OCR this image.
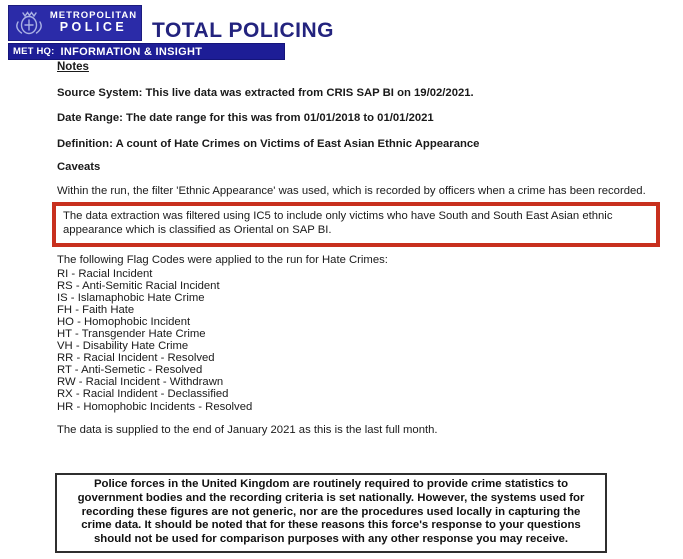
METROPOLITAN
POLICE	TOTAL POLICING
MET HQ: INFORMATION & INSIGHT
Notes
Source System: This live data was extracted from CRIS SAP BI on 19/02/2021.
Date Range: The date range for this was from 01/01/2018 to 01/01/2021
Definition: A count of Hate Crimes on Victims of East Asian Ethnic Appearance
Caveats
Within the run, the filter 'Ethnic Appearance' was used, which is recorded by officers when a crime has been recorded.
The data extraction was filtered using IC5 to include only victims who have South and South East Asian ethnic appearance which is classified as Oriental on SAP BI.
The following Flag Codes were applied to the run for Hate Crimes:
RI - Racial Incident
RS - Anti-Semitic Racial Incident
IS - Islamaphobic Hate Crime
FH - Faith Hate
HO - Homophobic Incident
HT - Transgender Hate Crime
VH - Disability Hate Crime
RR - Racial Incident - Resolved
RT - Anti-Semetic - Resolved
RW - Racial Incident - Withdrawn
RX - Racial Indident - Declassified
HR - Homophobic Incidents - Resolved
The data is supplied to the end of January 2021 as this is the last full month.
Police forces in the United Kingdom are routinely required to provide crime statistics to government bodies and the recording criteria is set nationally. However, the systems used for recording these figures are not generic, nor are the procedures used locally in capturing the crime data. It should be noted that for these reasons this force's response to your questions should not be used for comparison purposes with any other response you may receive.
